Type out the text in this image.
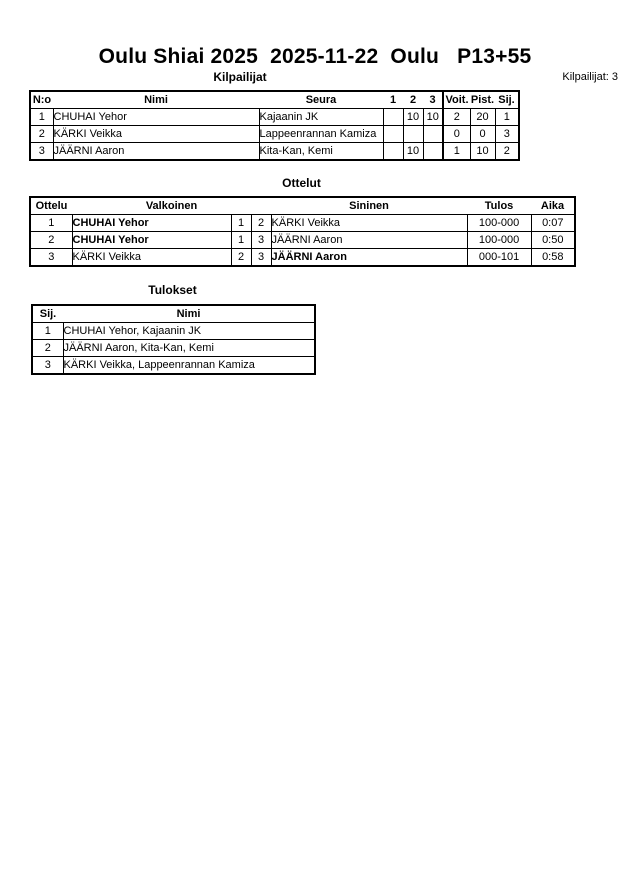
Oulu Shiai 2025  2025-11-22  Oulu   P13+55
Kilpailijat	Kilpailijat: 3
N:o	Nimi	Seura	1	2	3	Voit.	Pist.	Sij.
1	CHUHAI Yehor	Kajaanin JK		10	10	2	20	1
2	KÄRKI Veikka	Lappeenrannan Kamiza				0	0	3
3	JÄÄRNI Aaron	Kita-Kan, Kemi		10		1	10	2
Ottelut
Ottelu	Valkoinen			Sininen	Tulos	Aika
1	CHUHAI Yehor	1	2	KÄRKI Veikka	100-000	0:07
2	CHUHAI Yehor	1	3	JÄÄRNI Aaron	100-000	0:50
3	KÄRKI Veikka	2	3	JÄÄRNI Aaron	000-101	0:58
Tulokset
Sij.	Nimi
1	CHUHAI Yehor, Kajaanin JK
2	JÄÄRNI Aaron, Kita-Kan, Kemi
3	KÄRKI Veikka, Lappeenrannan Kamiza
